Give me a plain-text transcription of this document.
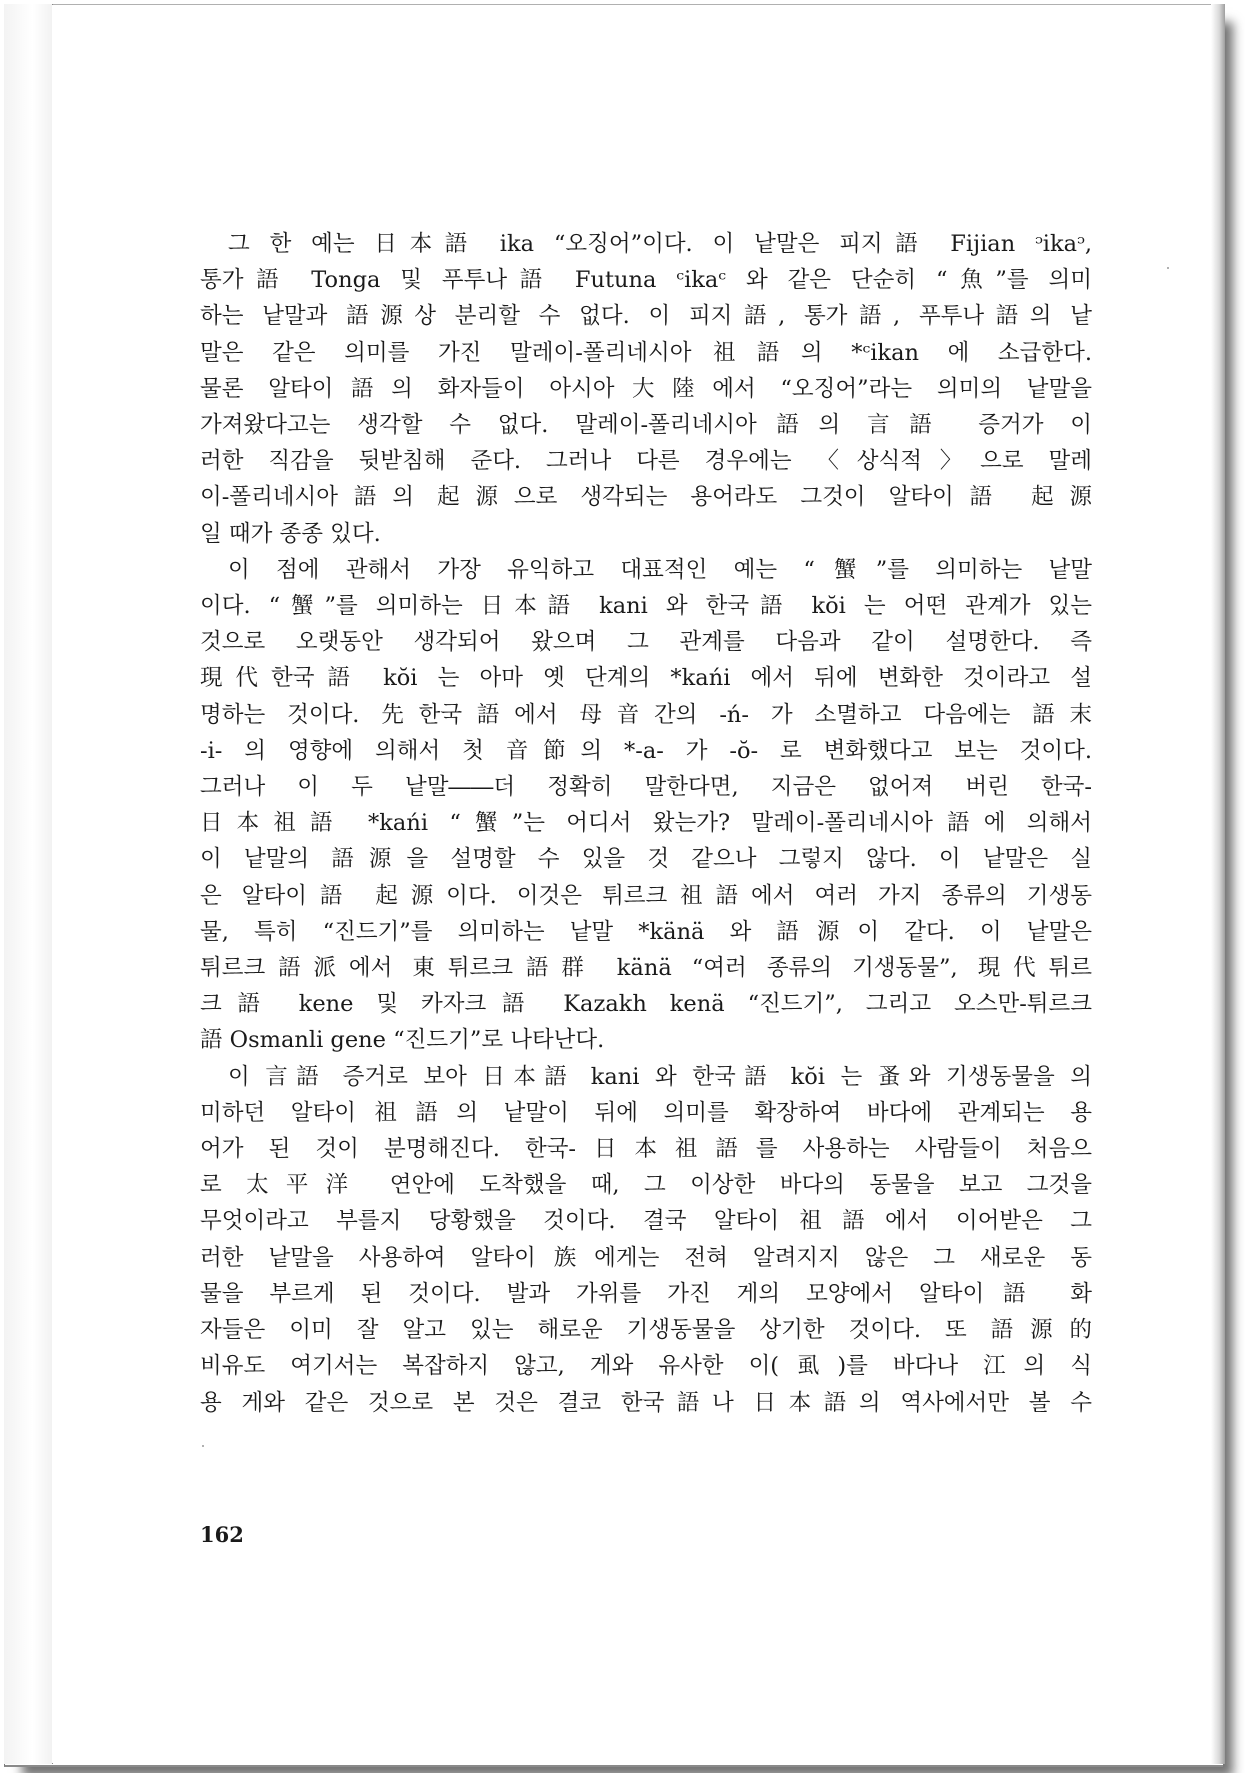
그 한 예는 日本語 ika “오징어”이다. 이 낱말은 피지語 Fijian ᵓikaᵓ,
통가語 Tonga 및 푸투나語 Futuna ᶜikaᶜ 와 같은 단순히 “魚”를 의미
하는 낱말과 語源상 분리할 수 없다. 이 피지語, 통가語, 푸투나語의 낱
말은 같은 의미를 가진 말레이-폴리네시아祖語의 *ᶜikan 에 소급한다.
물론 알타이語의 화자들이 아시아大陸에서 “오징어”라는 의미의 낱말을
가져왔다고는 생각할 수 없다. 말레이-폴리네시아語의 言語 증거가 이
러한 직감을 뒷받침해 준다. 그러나 다른 경우에는 〈상식적〉으로 말레
이-폴리네시아語의 起源으로 생각되는 용어라도 그것이 알타이語 起源
일 때가 종종 있다.
이 점에 관해서 가장 유익하고 대표적인 예는 “蟹”를 의미하는 낱말
이다. “蟹”를 의미하는 日本語 kani 와 한국語 kŏi 는 어떤 관계가 있는
것으로 오랫동안 생각되어 왔으며 그 관계를 다음과 같이 설명한다. 즉
現代한국語 kŏi 는 아마 옛 단계의 *kańi 에서 뒤에 변화한 것이라고 설
명하는 것이다. 先한국語에서 母音간의 -ń- 가 소멸하고 다음에는 語末
-i- 의 영향에 의해서 첫 音節의 *-a- 가 -ŏ- 로 변화했다고 보는 것이다.
그러나 이 두 낱말――더 정확히 말한다면, 지금은 없어져 버린 한국-
日本祖語 *kańi “蟹”는 어디서 왔는가? 말레이-폴리네시아語에 의해서
이 낱말의 語源을 설명할 수 있을 것 같으나 그렇지 않다. 이 낱말은 실
은 알타이語 起源이다. 이것은 튀르크祖語에서 여러 가지 종류의 기생동
물, 특히 “진드기”를 의미하는 낱말 *känä 와 語源이 같다. 이 낱말은
튀르크語派에서 東튀르크語群 känä “여러 종류의 기생동물”, 現代튀르
크語 kene 및 카자크語 Kazakh kenä “진드기”, 그리고 오스만-튀르크
語 Osmanli gene “진드기”로 나타난다.
이 言語 증거로 보아 日本語 kani 와 한국語 kŏi 는 蚤와 기생동물을 의
미하던 알타이祖語의 낱말이 뒤에 의미를 확장하여 바다에 관계되는 용
어가 된 것이 분명해진다. 한국-日本祖語를 사용하는 사람들이 처음으
로 太平洋 연안에 도착했을 때, 그 이상한 바다의 동물을 보고 그것을
무엇이라고 부를지 당황했을 것이다. 결국 알타이祖語에서 이어받은 그
러한 낱말을 사용하여 알타이族에게는 전혀 알려지지 않은 그 새로운 동
물을 부르게 된 것이다. 발과 가위를 가진 게의 모양에서 알타이語 화
자들은 이미 잘 알고 있는 해로운 기생동물을 상기한 것이다. 또 語源的
비유도 여기서는 복잡하지 않고, 게와 유사한 이(虱)를 바다나 江의 식
용 게와 같은 것으로 본 것은 결코 한국語나 日本語의 역사에서만 볼 수
162
